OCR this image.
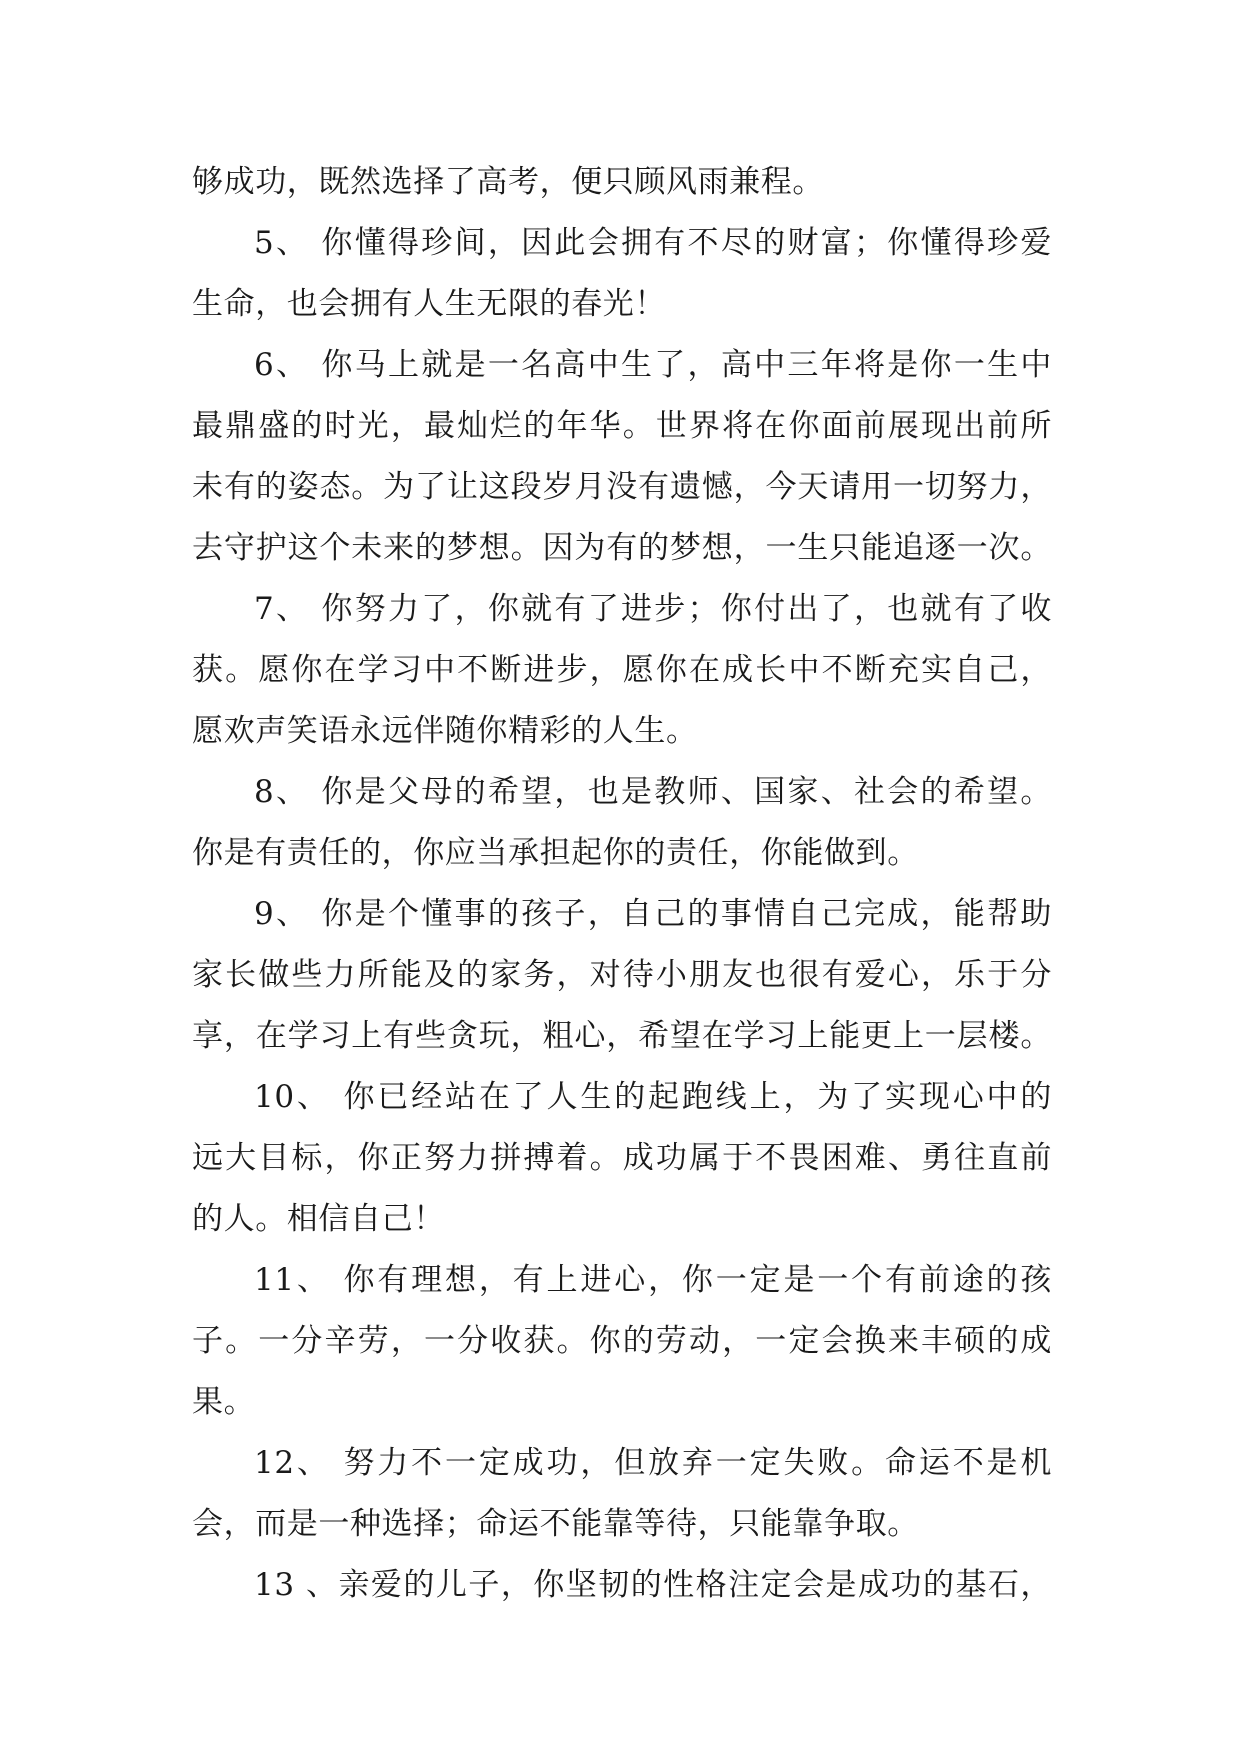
够成功，既然选择了高考，便只顾风雨兼程。
5、 你懂得珍间，因此会拥有不尽的财富；你懂得珍爱
生命，也会拥有人生无限的春光！
6、 你马上就是一名高中生了，高中三年将是你一生中
最鼎盛的时光，最灿烂的年华。世界将在你面前展现出前所
未有的姿态。为了让这段岁月没有遗憾，今天请用一切努力，
去守护这个未来的梦想。因为有的梦想，一生只能追逐一次。
7、 你努力了，你就有了进步；你付出了，也就有了收
获。愿你在学习中不断进步，愿你在成长中不断充实自己，
愿欢声笑语永远伴随你精彩的人生。
8、 你是父母的希望，也是教师、国家、社会的希望。
你是有责任的，你应当承担起你的责任，你能做到。
9、 你是个懂事的孩子，自己的事情自己完成，能帮助
家长做些力所能及的家务，对待小朋友也很有爱心，乐于分
享，在学习上有些贪玩，粗心，希望在学习上能更上一层楼。
10、 你已经站在了人生的起跑线上，为了实现心中的
远大目标，你正努力拼搏着。成功属于不畏困难、勇往直前
的人。相信自己！
11、 你有理想，有上进心，你一定是一个有前途的孩
子。一分辛劳，一分收获。你的劳动，一定会换来丰硕的成
果。
12、 努力不一定成功，但放弃一定失败。命运不是机
会，而是一种选择；命运不能靠等待，只能靠争取。
13 、亲爱的儿子，你坚韧的性格注定会是成功的基石，
